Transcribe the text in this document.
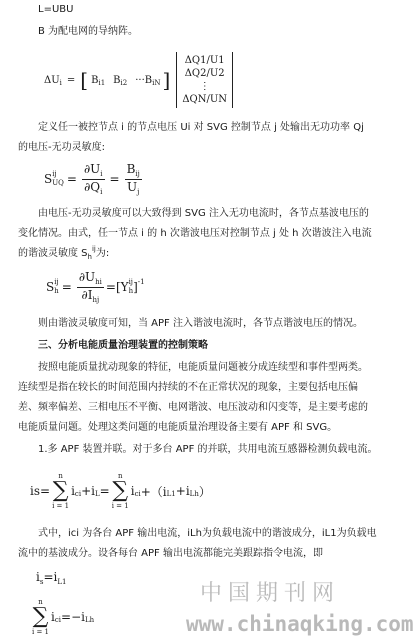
L=UBU
B 为配电网的导纳阵。
ΔU i = [ B i1 B i2 ··· B iN ]
ΔQ1/U1
ΔQ2/U2
⋮
ΔQN/UN
定义任一被控节点 i 的节点电压 Ui 对 SVG 控制节点 j 处输出无功功率 Qj
的电压-无功灵敏度:
S ij
UQ = $\frac{\partial U_i}{\partial Q_i} = \frac{B_{ij}}{U_j}$
由电压-无功灵敏度可以大致得到 SVG 注入无功电流时，各节点基波电压的
变化情况。由式，任一节点 i 的 h 次谐波电压对控制节点 j 处 h 次谐波注入电流
的谐波灵敏度 $S_h^{ij}$为:
S ij
$h = \frac{\partial U_{hi}}{\partial I_{hj}} =[Y$ ij
h ] -1
则由谐波灵敏度可知，当 APF 注入谐波电流时，各节点谐波电压的情况。
三、分析电能质量治理装置的控制策略
按照电能质量扰动现象的特征，电能质量问题被分成连续型和事件型两类。
连续型是指在较长的时间范围内持续的不在正常状况的现象，主要包括电压偏
差、频率偏差、三相电压不平衡、电网谐波、电压波动和闪变等，是主要考虑的
电能质量问题。处理这类问题的电能质量治理设备主要有 APF 和 SVG。
1.多 APF 装置并联。对于多台 APF 的并联，共用电流互感器检测负载电流。
is=
n
∑
i = 1
i ci +i L =
n
∑
i = 1
i ci +（i L1 +i Lh ）
式中，ici 为各台 APF 输出电流，iLh为负载电流中的谐波成分，iL1为负载电
流中的基波成分。设各每台 APF 输出电流都能完美跟踪指令电流，即
$i_s=i_{L1}$
n
∑
i = 1
i ci =−i Lh
中国期刊网
www.chinaqking.com
